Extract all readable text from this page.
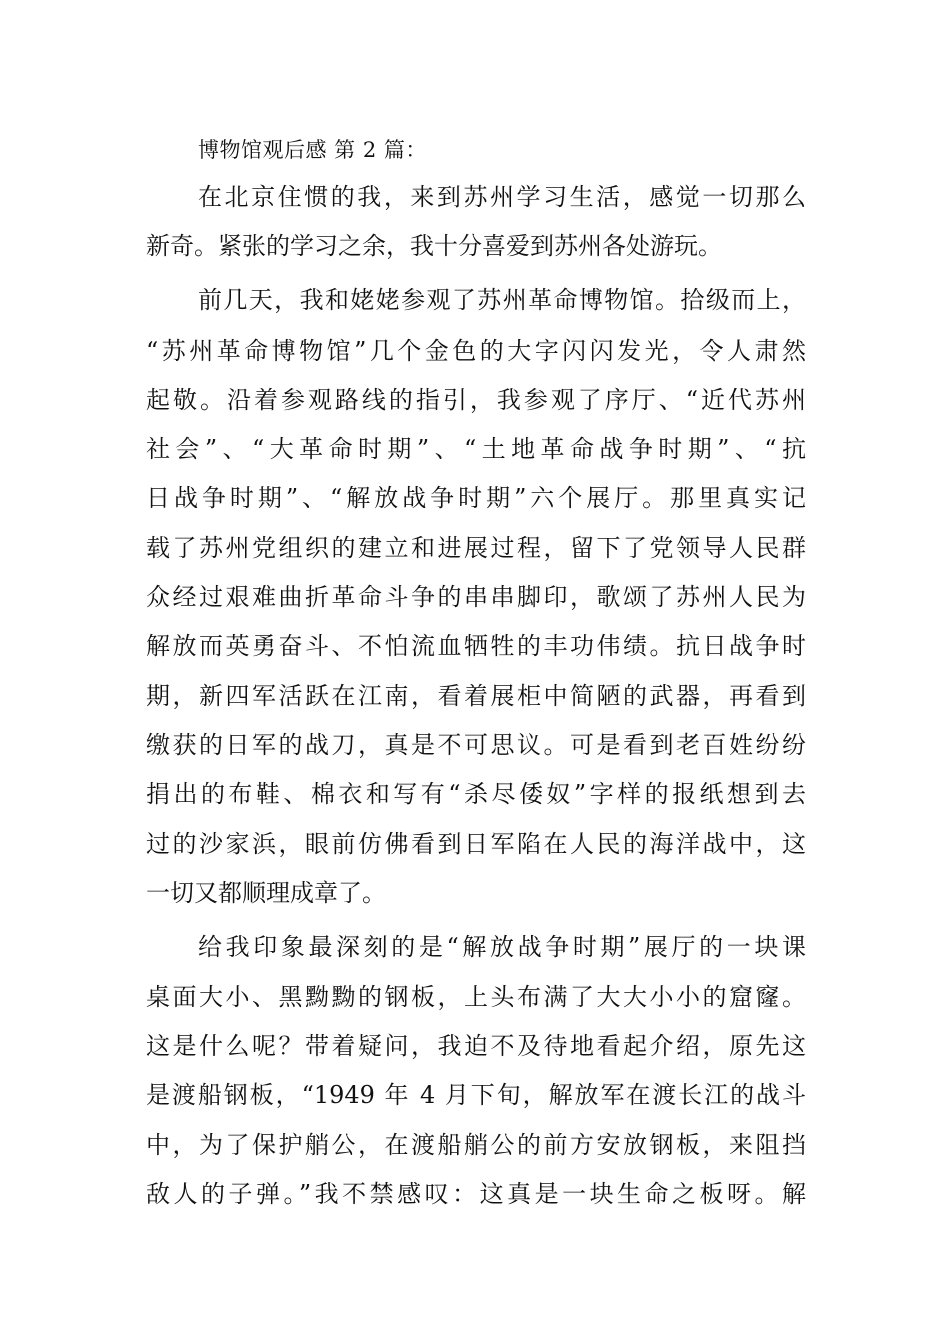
博物馆观后感 第 2 篇：
在北京住惯的我，来到苏州学习生活，感觉一切那么
新奇。紧张的学习之余，我十分喜爱到苏州各处游玩。
前几天，我和姥姥参观了苏州革命博物馆。拾级而上，
“苏州革命博物馆”几个金色的大字闪闪发光，令人肃然
起敬。沿着参观路线的指引，我参观了序厅、“近代苏州
社会”、“大革命时期”、“土地革命战争时期”、“抗
日战争时期”、“解放战争时期”六个展厅。那里真实记
载了苏州党组织的建立和进展过程，留下了党领导人民群
众经过艰难曲折革命斗争的串串脚印，歌颂了苏州人民为
解放而英勇奋斗、不怕流血牺牲的丰功伟绩。抗日战争时
期，新四军活跃在江南，看着展柜中简陋的武器，再看到
缴获的日军的战刀，真是不可思议。可是看到老百姓纷纷
捐出的布鞋、棉衣和写有“杀尽倭奴”字样的报纸想到去
过的沙家浜，眼前仿佛看到日军陷在人民的海洋战中，这
一切又都顺理成章了。
给我印象最深刻的是“解放战争时期”展厅的一块课
桌面大小、黑黝黝的钢板，上头布满了大大小小的窟窿。
这是什么呢？带着疑问，我迫不及待地看起介绍，原先这
是渡船钢板，“1949 年 4 月下旬，解放军在渡长江的战斗
中，为了保护艄公，在渡船艄公的前方安放钢板，来阻挡
敌人的子弹。”我不禁感叹：这真是一块生命之板呀。解
